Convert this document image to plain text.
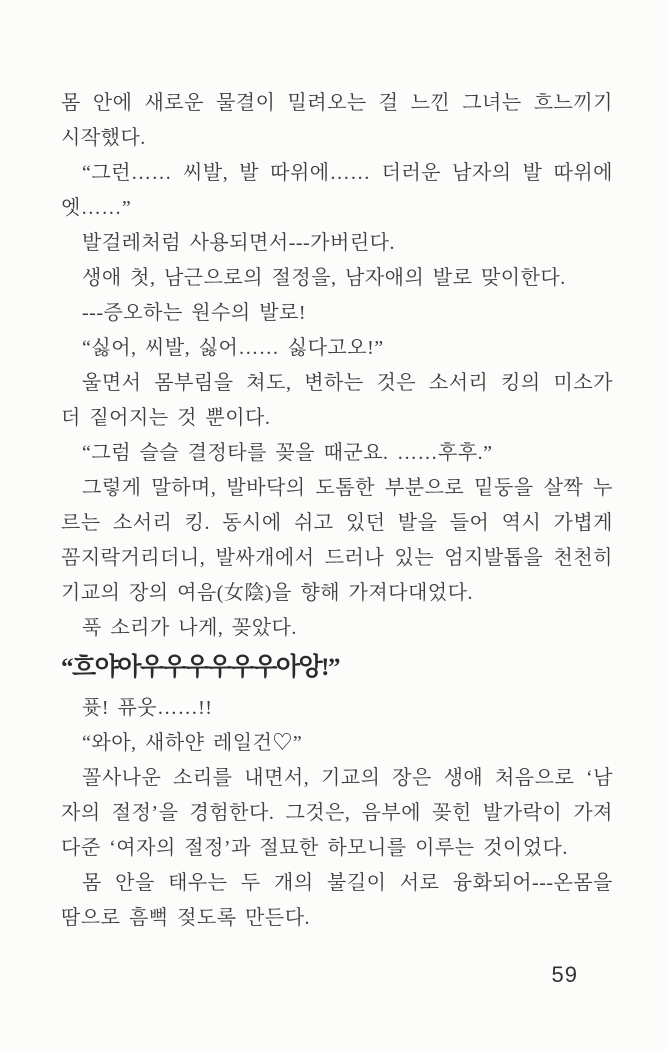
몸 안에 새로운 물결이 밀려오는 걸 느낀 그녀는 흐느끼기
시작했다.
“그런…… 씨발, 발 따위에…… 더러운 남자의 발 따위에
엣……”
발걸레처럼 사용되면서---가버린다.
생애 첫, 남근으로의 절정을, 남자애의 발로 맞이한다.
---증오하는 원수의 발로!
“싫어, 씨발, 싫어…… 싫다고오!”
울면서 몸부림을 쳐도, 변하는 것은 소서리 킹의 미소가
더 짙어지는 것 뿐이다.
“그럼 슬슬 결정타를 꽂을 때군요. ……후후.”
그렇게 말하며, 발바닥의 도톰한 부분으로 밑둥을 살짝 누
르는 소서리 킹. 동시에 쉬고 있던 발을 들어 역시 가볍게
꼼지락거리더니, 발싸개에서 드러나 있는 엄지발톱을 천천히
기교의 장의 여음(女陰)을 향해 가져다대었다.
푹 소리가 나게, 꽂았다.
“흐야아우우우우우우아앙!”
퓻! 퓨웃……!!
“와아, 새하얀 레일건♡”
꼴사나운 소리를 내면서, 기교의 장은 생애 처음으로 ‘남
자의 절정’을 경험한다. 그것은, 음부에 꽂힌 발가락이 가져
다준 ‘여자의 절정’과 절묘한 하모니를 이루는 것이었다.
몸 안을 태우는 두 개의 불길이 서로 융화되어---온몸을
땀으로 흠뻑 젖도록 만든다.
59
